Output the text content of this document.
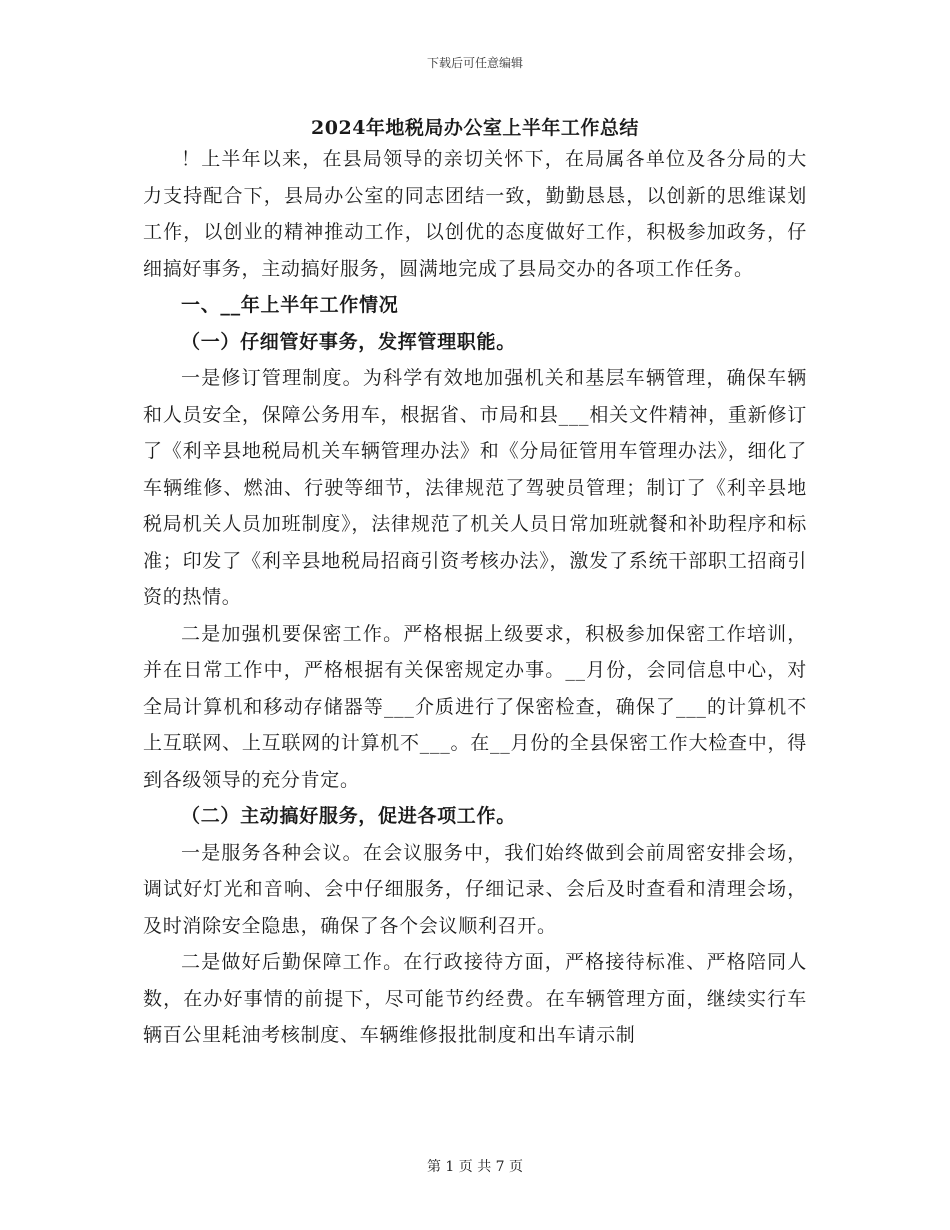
下载后可任意编辑
2024年地税局办公室上半年工作总结

！上半年以来，在县局领导的亲切关怀下，在局属各单位及各分局的大力支持配合下，县局办公室的同志团结一致，勤勤恳恳，以创新的思维谋划工作，以创业的精神推动工作，以创优的态度做好工作，积极参加政务，仔细搞好事务，主动搞好服务，圆满地完成了县局交办的各项工作任务。

一、__年上半年工作情况

（一）仔细管好事务，发挥管理职能。

一是修订管理制度。为科学有效地加强机关和基层车辆管理，确保车辆和人员安全，保障公务用车，根据省、市局和县___相关文件精神，重新修订了《利辛县地税局机关车辆管理办法》和《分局征管用车管理办法》，细化了车辆维修、燃油、行驶等细节，法律规范了驾驶员管理；制订了《利辛县地税局机关人员加班制度》，法律规范了机关人员日常加班就餐和补助程序和标准；印发了《利辛县地税局招商引资考核办法》，激发了系统干部职工招商引资的热情。

二是加强机要保密工作。严格根据上级要求，积极参加保密工作培训，并在日常工作中，严格根据有关保密规定办事。__月份，会同信息中心，对全局计算机和移动存储器等___介质进行了保密检查，确保了___的计算机不上互联网、上互联网的计算机不___。在__月份的全县保密工作大检查中，得到各级领导的充分肯定。

（二）主动搞好服务，促进各项工作。

一是服务各种会议。在会议服务中，我们始终做到会前周密安排会场，调试好灯光和音响、会中仔细服务，仔细记录、会后及时查看和清理会场，及时消除安全隐患，确保了各个会议顺利召开。

二是做好后勤保障工作。在行政接待方面，严格接待标准、严格陪同人数，在办好事情的前提下，尽可能节约经费。在车辆管理方面，继续实行车辆百公里耗油考核制度、车辆维修报批制度和出车请示制

第 1 页 共 7 页
